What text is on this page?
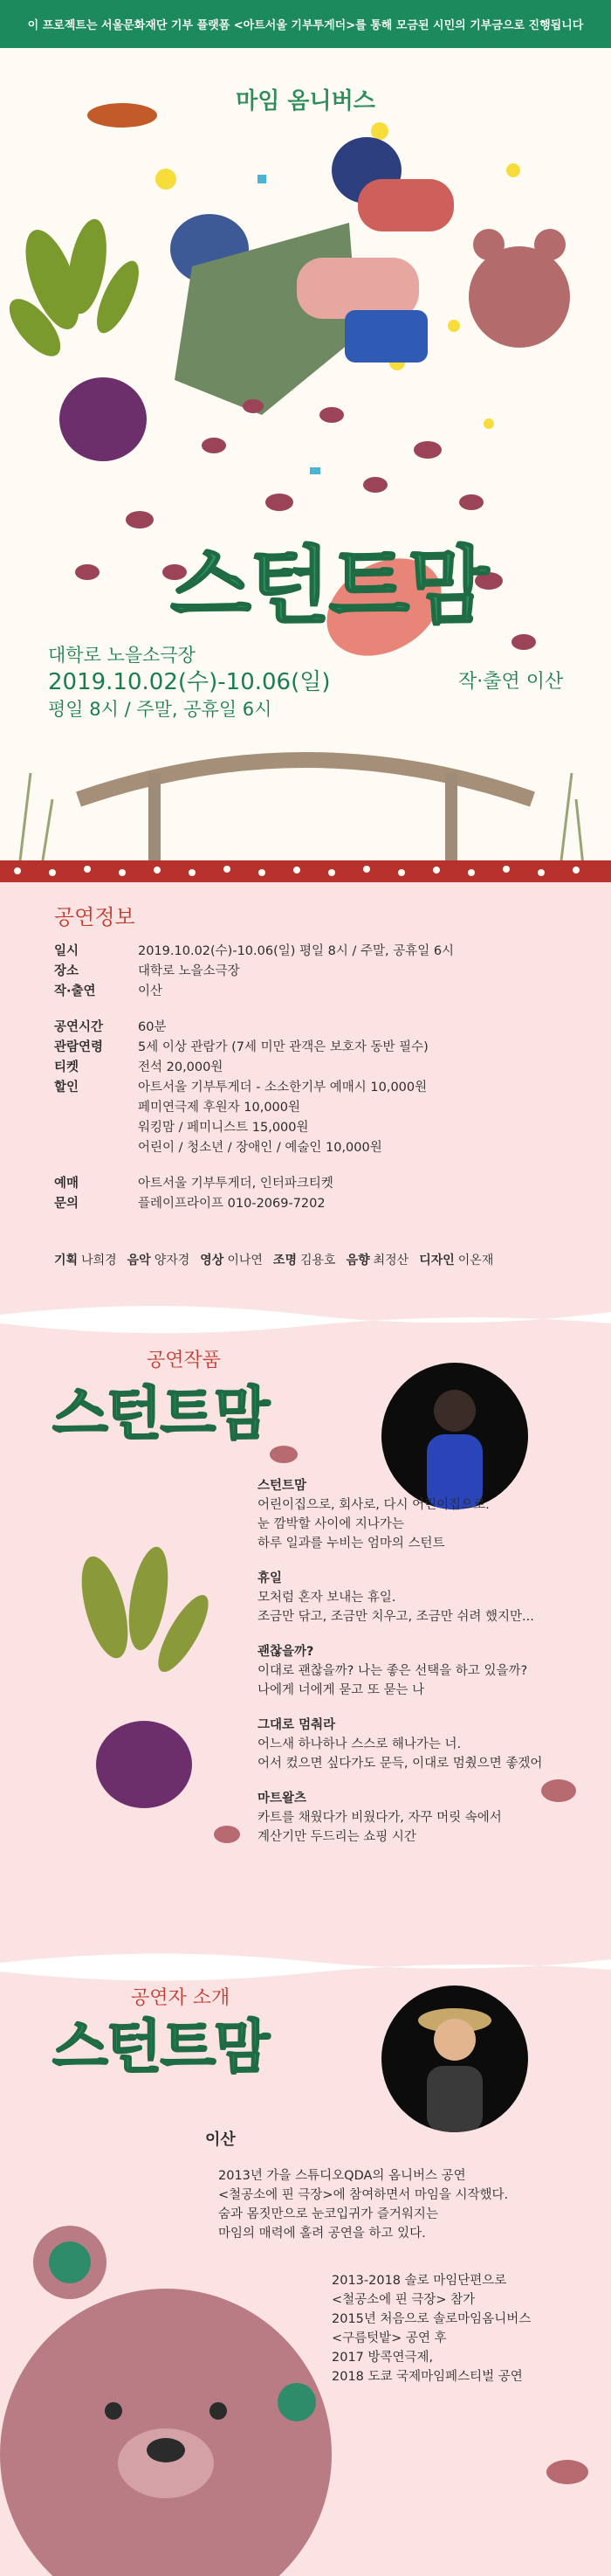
이 프로젝트는 서울문화재단 기부 플랫폼 <아트서울 기부투게더>를 통해 모금된 시민의 기부금으로 진행됩니다
마임 옴니버스
스턴트맘
대학로 노을소극장
2019.10.02(수)-10.06(일)
평일 8시 / 주말, 공휴일 6시
작·출연 이산
공연정보
일시	2019.10.02(수)-10.06(일) 평일 8시 / 주말, 공휴일 6시
장소	대학로 노을소극장
작·출연	이산
공연시간	60분
관람연령	5세 이상 관람가 (7세 미만 관객은 보호자 동반 필수)
티켓	전석 20,000원
할인	아트서울 기부투게더 - 소소한기부 예매시 10,000원
페미연극제 후원자 10,000원
워킹맘 / 페미니스트 15,000원
어린이 / 청소년 / 장애인 / 예술인 10,000원
예매	아트서울 기부투게더, 인터파크티켓
문의	플레이프라이프 010-2069-7202
기획 나희경 음악 양자경 영상 이나연 조명 김용호 음향 최정산 디자인 이온재
공연작품
스턴트맘
스턴트맘
어린이집으로, 회사로, 다시 어린이집으로.
눈 깜박할 사이에 지나가는
하루 일과를 누비는 엄마의 스턴트
휴일
모처럼 혼자 보내는 휴일.
조금만 닦고, 조금만 치우고, 조금만 쉬려 했지만...
괜찮을까?
이대로 괜찮을까? 나는 좋은 선택을 하고 있을까?
나에게 너에게 묻고 또 묻는 나
그대로 멈춰라
어느새 하나하나 스스로 해나가는 너.
어서 컸으면 싶다가도 문득, 이대로 멈췄으면 좋겠어
마트왈츠
카트를 채웠다가 비웠다가, 자꾸 머릿 속에서
계산기만 두드리는 쇼핑 시간
공연자 소개
스턴트맘
이산
2013년 가을 스튜디오QDA의 옴니버스 공연
<철공소에 핀 극장>에 참여하면서 마임을 시작했다.
숨과 몸짓만으로 눈코입귀가 즐거워지는
마임의 매력에 홀려 공연을 하고 있다.
2013-2018 솔로 마임단편으로
<철공소에 핀 극장> 참가
2015년 처음으로 솔로마임옴니버스
<구름텃밭> 공연 후
2017 방콕연극제,
2018 도쿄 국제마임페스티벌 공연
